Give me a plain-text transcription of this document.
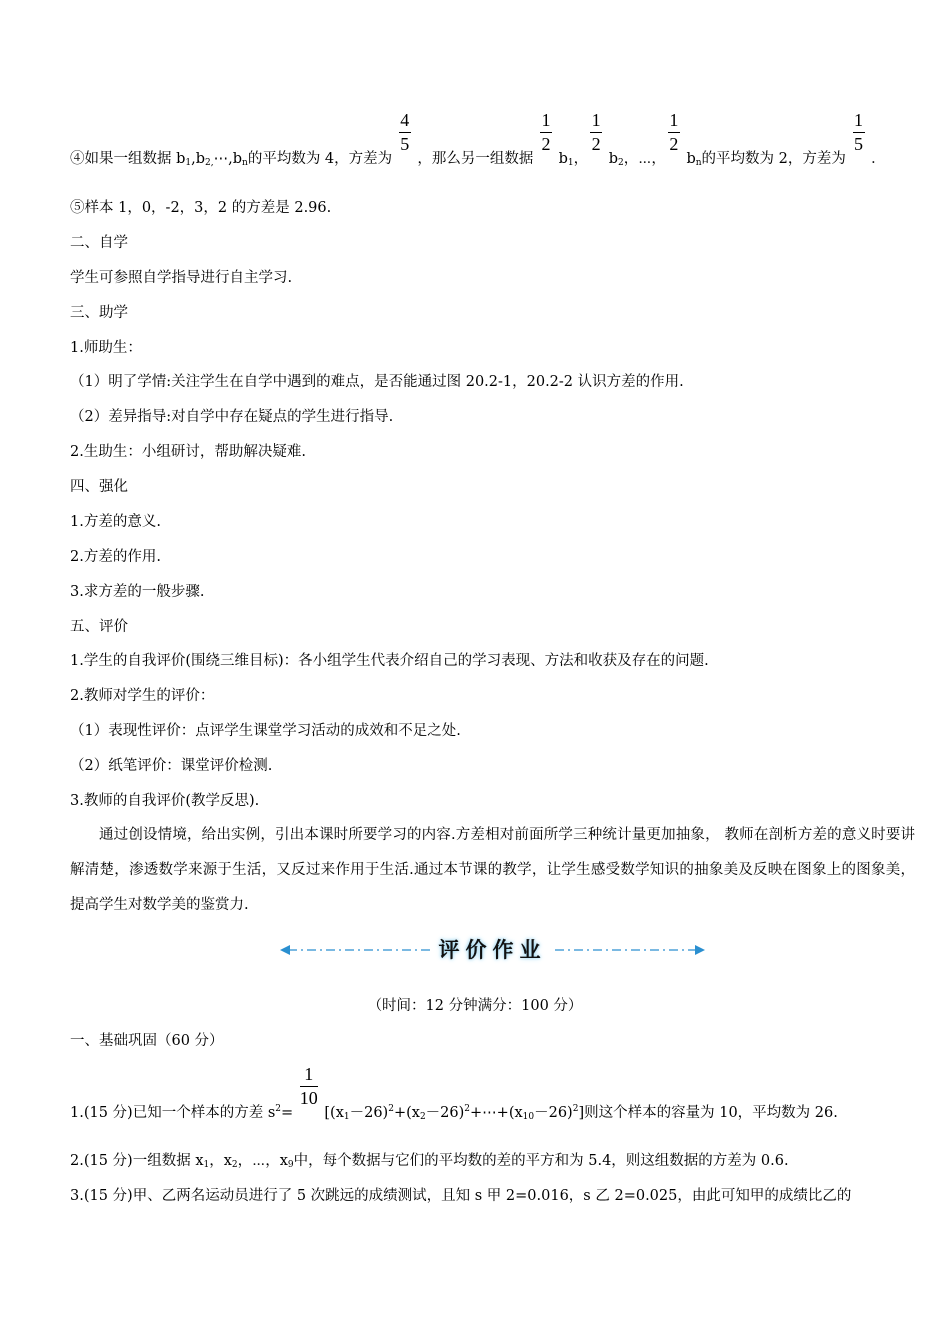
④如果一组数据 $b_1,b_{2,}\cdots,b_n$的平均数为 4，方差为 $\frac{4}{5}$ ，那么另一组数据 $\frac{1}{2} b_1$， $\frac{1}{2} b_2$，⋯， $\frac{1}{2} b_n$的平均数为 2，方差为 $\frac{1}{5}$ ．
⑤样本 1，0，-2，3，2 的方差是 2.96.
二、自学
学生可参照自学指导进行自主学习.
三、助学
1.师助生：
（1）明了学情:关注学生在自学中遇到的难点，是否能通过图 20.2-1，20.2-2 认识方差的作用.
（2）差异指导:对自学中存在疑点的学生进行指导.
2.生助生：小组研讨，帮助解决疑难.
四、强化
1.方差的意义.
2.方差的作用.
3.求方差的一般步骤.
五、评价
1.学生的自我评价(围绕三维目标)：各小组学生代表介绍自己的学习表现、方法和收获及存在的问题.
2.教师对学生的评价：
（1）表现性评价：点评学生课堂学习活动的成效和不足之处.
（2）纸笔评价：课堂评价检测.
3.教师的自我评价(教学反思).
通过创设情境，给出实例，引出本课时所要学习的内容.方差相对前面所学三种统计量更加抽象， 教师在剖析方差的意义时要讲解清楚，渗透数学来源于生活，又反过来作用于生活.通过本节课的教学，让学生感受数学知识的抽象美及反映在图象上的图象美，提高学生对数学美的鉴赏力.
评价作业
（时间：12 分钟满分：100 分）
一、基础巩固（60 分）
1.(15 分)已知一个样本的方差 $s^2= \frac{1}{10}$ $[(x_1-26)^2+(x_2-26)^2+\cdots+(x_{10}-26)^2]$则这个样本的容量为 10，平均数为 26.
2.(15 分)一组数据 $x_1$，$x_2$，⋯，$x_9$中，每个数据与它们的平均数的差的平方和为 5.4，则这组数据的方差为 0.6.
3.(15 分)甲、乙两名运动员进行了 5 次跳远的成绩测试，且知 s 甲 2=0.016，s 乙 2=0.025，由此可知甲的成绩比乙的
